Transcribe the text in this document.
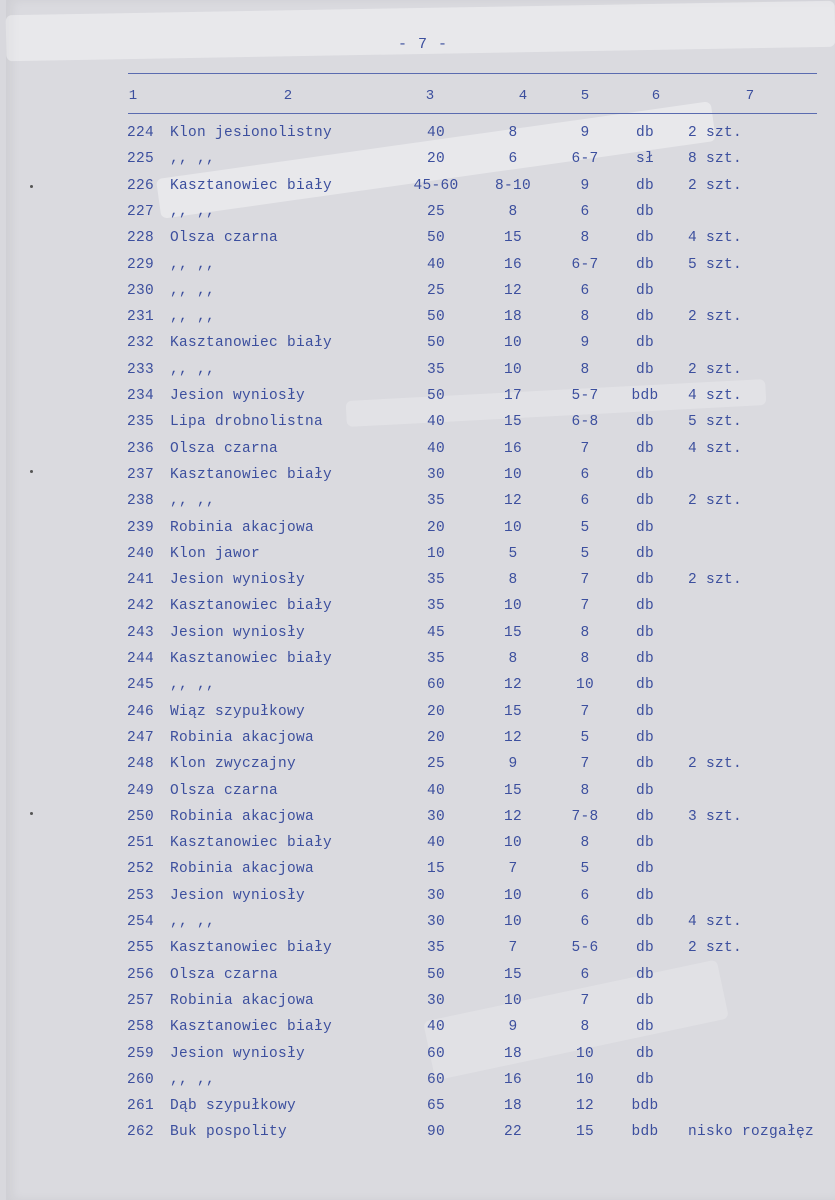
- 7 -
1	2	3	4	5	6	7
224 Klon jesionolistny	40	8	9	db	2 szt.
225 ,, ,,	20	6	6-7	sł	8 szt.
226 Kasztanowiec biały	45-60	8-10	9	db	2 szt.
227 ,, ,,	25	8	6	db
228 Olsza czarna	50	15	8	db	4 szt.
229 ,, ,,	40	16	6-7	db	5 szt.
230 ,, ,,	25	12	6	db
231 ,, ,,	50	18	8	db	2 szt.
232 Kasztanowiec biały	50	10	9	db
233 ,, ,,	35	10	8	db	2 szt.
234 Jesion wyniosły	50	17	5-7	bdb	4 szt.
235 Lipa drobnolistna	40	15	6-8	db	5 szt.
236 Olsza czarna	40	16	7	db	4 szt.
237 Kasztanowiec biały	30	10	6	db
238 ,, ,,	35	12	6	db	2 szt.
239 Robinia akacjowa	20	10	5	db
240 Klon jawor	10	5	5	db
241 Jesion wyniosły	35	8	7	db	2 szt.
242 Kasztanowiec biały	35	10	7	db
243 Jesion wyniosły	45	15	8	db
244 Kasztanowiec biały	35	8	8	db
245 ,, ,,	60	12	10	db
246 Wiąz szypułkowy	20	15	7	db
247 Robinia akacjowa	20	12	5	db
248 Klon zwyczajny	25	9	7	db	2 szt.
249 Olsza czarna	40	15	8	db
250 Robinia akacjowa	30	12	7-8	db	3 szt.
251 Kasztanowiec biały	40	10	8	db
252 Robinia akacjowa	15	7	5	db
253 Jesion wyniosły	30	10	6	db
254 ,, ,,	30	10	6	db	4 szt.
255 Kasztanowiec biały	35	7	5-6	db	2 szt.
256 Olsza czarna	50	15	6	db
257 Robinia akacjowa	30	10	7	db
258 Kasztanowiec biały	40	9	8	db
259 Jesion wyniosły	60	18	10	db
260 ,, ,,	60	16	10	db
261 Dąb szypułkowy	65	18	12	bdb
262 Buk pospolity	90	22	15	bdb	nisko rozgałęz
